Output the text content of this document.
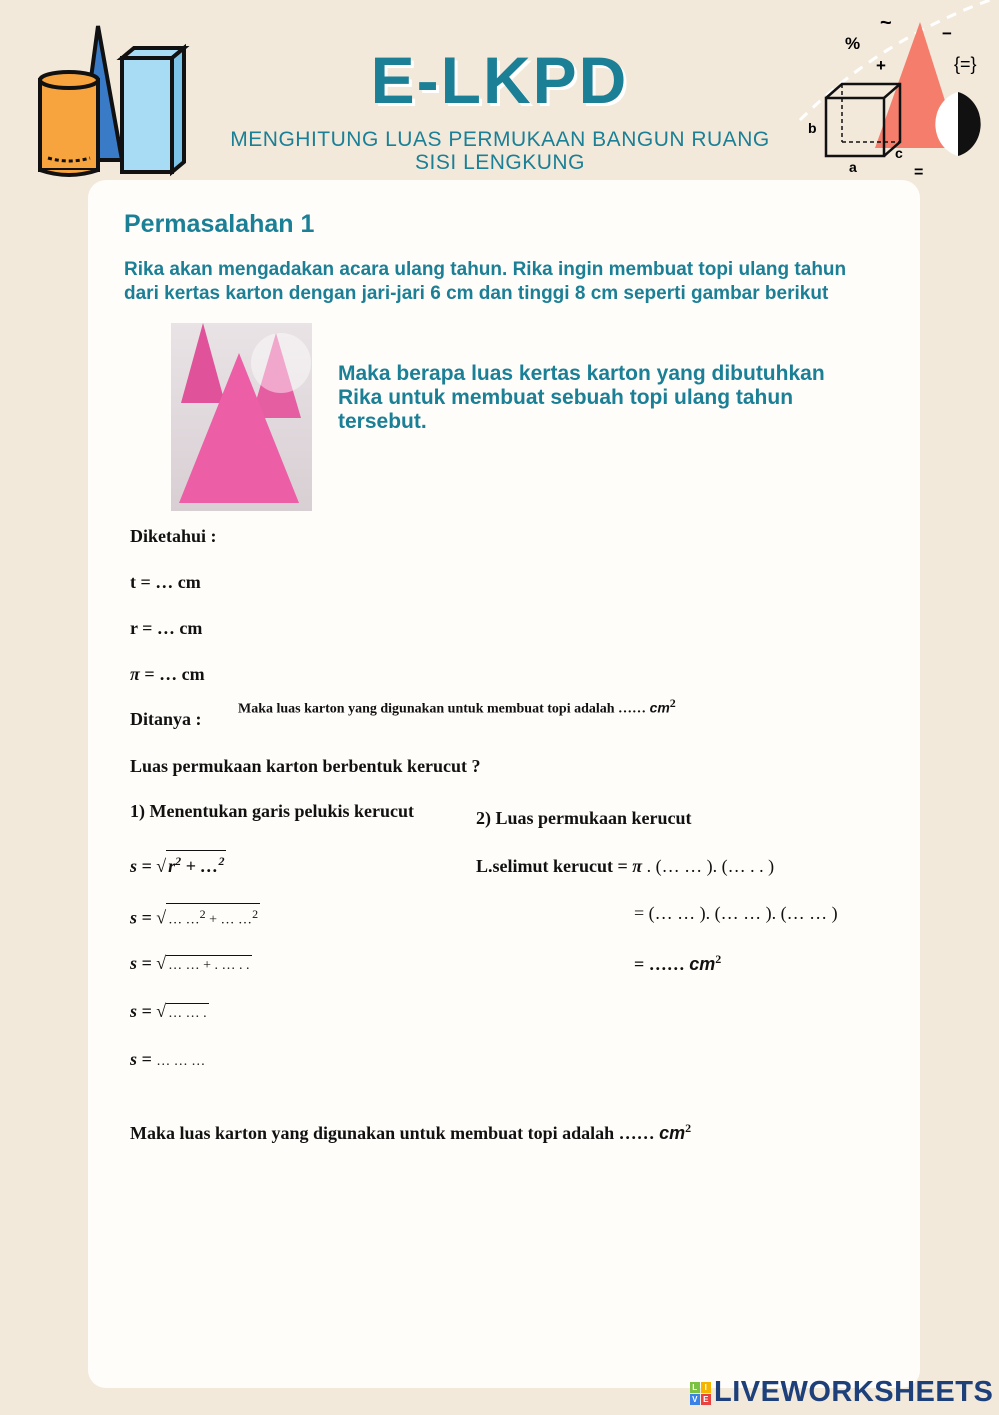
E-LKPD
MENGHITUNG LUAS PERMUKAAN BANGUN RUANG
SISI LENGKUNG
%
+
~	−
{=}
=
b
a
c
Permasalahan 1
Rika akan mengadakan acara ulang tahun. Rika ingin membuat topi ulang tahun
dari kertas karton dengan jari-jari 6 cm dan tinggi 8 cm seperti gambar berikut
Maka berapa luas kertas karton yang dibutuhkan
Rika untuk membuat sebuah topi ulang tahun
tersebut.
Diketahui :
t = … cm
r = … cm
π = … cm
Maka luas karton yang digunakan untuk membuat topi adalah …… $cm^2$
Ditanya :
Luas permukaan karton berbentuk kerucut ?
1) Menentukan garis pelukis kerucut	2) Luas permukaan kerucut
s = √ $r^2$ + …$^2$
s = √ … …$^2$ + … …$^2$
s = √ … … + . … . .
s = √ … … .
s = … … …
L.selimut kerucut = π . (… … ). (… . . )
= (… … ). (… … ). (… … )
= …… $cm^2$
Maka luas karton yang digunakan untuk membuat topi adalah …… $cm^2$
L I
V E LIVEWORKSHEETS
